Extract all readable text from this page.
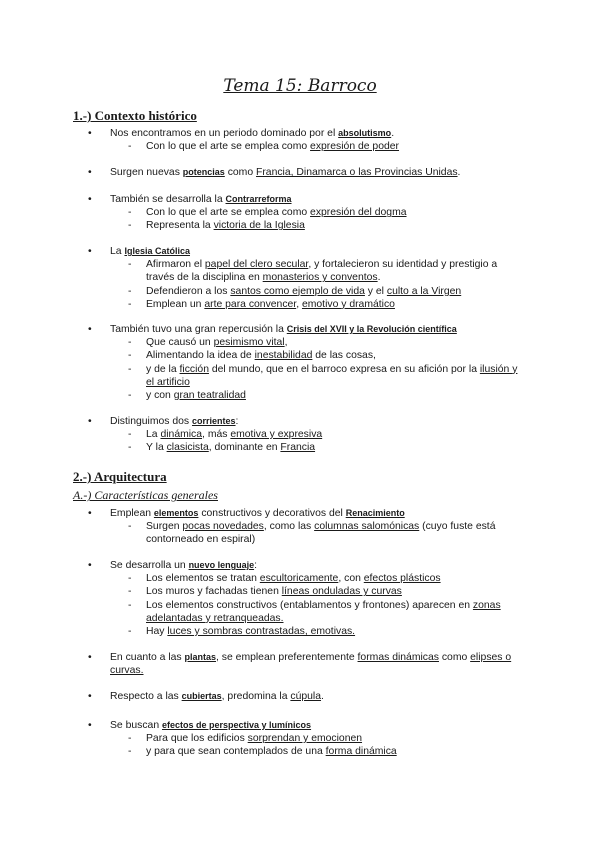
Tema 15: Barroco
1.-) Contexto histórico
• Nos encontramos en un periodo dominado por el absolutismo.
- Con lo que el arte se emplea como expresión de poder
• Surgen nuevas potencias como Francia, Dinamarca o las Provincias Unidas.
• También se desarrolla la Contrarreforma
- Con lo que el arte se emplea como expresión del dogma
- Representa la victoria de la Iglesia
• La Iglesia Católica
- Afirmaron el papel del clero secular, y fortalecieron su identidad y prestigio a través de la disciplina en monasterios y conventos.
- Defendieron a los santos como ejemplo de vida y el culto a la Virgen
- Emplean un arte para convencer, emotivo y dramático
• También tuvo una gran repercusión la Crisis del XVII y la Revolución científica
- Que causó un pesimismo vital,
- Alimentando la idea de inestabilidad de las cosas,
- y de la ficción del mundo, que en el barroco expresa en su afición por la ilusión y el artificio
- y con gran teatralidad
• Distinguimos dos corrientes:
- La dinámica, más emotiva y expresiva
- Y la clasicista, dominante en Francia
2.-) Arquitectura
A.-) Características generales
• Emplean elementos constructivos y decorativos del Renacimiento
- Surgen pocas novedades, como las columnas salomónicas (cuyo fuste está contorneado en espiral)
• Se desarrolla un nuevo lenguaje:
- Los elementos se tratan escultoricamente, con efectos plásticos
- Los muros y fachadas tienen líneas onduladas y curvas
- Los elementos constructivos (entablamentos y frontones) aparecen en zonas adelantadas y retranqueadas.
- Hay luces y sombras contrastadas, emotivas.
• En cuanto a las plantas, se emplean preferentemente formas dinámicas como elipses o curvas.
• Respecto a las cubiertas, predomina la cúpula.
• Se buscan efectos de perspectiva y lumínicos
- Para que los edificios sorprendan y emocionen
- y para que sean contemplados de una forma dinámica
